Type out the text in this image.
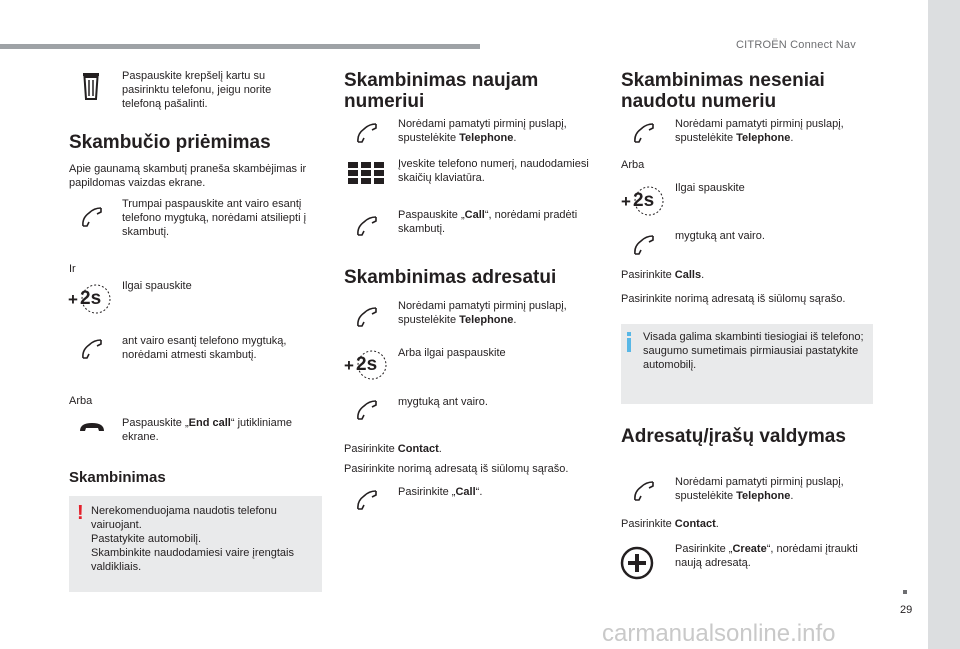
CITROËN Connect Nav
29
carmanualsonline.info
Paspauskite krepšelį kartu su pasirinktu telefonu, jeigu norite telefoną pašalinti.
Skambučio priėmimas
Apie gaunamą skambutį praneša skambėjimas ir papildomas vaizdas ekrane.
Trumpai paspauskite ant vairo esantį telefono mygtuką, norėdami atsiliepti į skambutį.
Ir
+ 2s
Ilgai spauskite
ant vairo esantį telefono mygtuką, norėdami atmesti skambutį.
Arba
Paspauskite „End call“ jutikliniame ekrane.
Skambinimas
! Nerekomenduojama naudotis telefonu vairuojant.
Pastatykite automobilį.
Skambinkite naudodamiesi vaire įrengtais valdikliais.
Skambinimas naujam numeriui
Norėdami pamatyti pirminį puslapį, spustelėkite Telephone.
Įveskite telefono numerį, naudodamiesi skaičių klaviatūra.
Paspauskite „Call“, norėdami pradėti skambutį.
Skambinimas adresatui
Norėdami pamatyti pirminį puslapį, spustelėkite Telephone.
+ 2s
Arba ilgai paspauskite
mygtuką ant vairo.
Pasirinkite Contact.
Pasirinkite norimą adresatą iš siūlomų sąrašo.
Pasirinkite „Call“.
Skambinimas neseniai naudotu numeriu
Norėdami pamatyti pirminį puslapį, spustelėkite Telephone.
Arba
+ 2s
Ilgai spauskite
mygtuką ant vairo.
Pasirinkite Calls.
Pasirinkite norimą adresatą iš siūlomų sąrašo.
Visada galima skambinti tiesiogiai iš telefono; saugumo sumetimais pirmiausiai pastatykite automobilį.
Adresatų/įrašų valdymas
Norėdami pamatyti pirminį puslapį, spustelėkite Telephone.
Pasirinkite Contact.
Pasirinkite „Create“, norėdami įtraukti naują adresatą.
